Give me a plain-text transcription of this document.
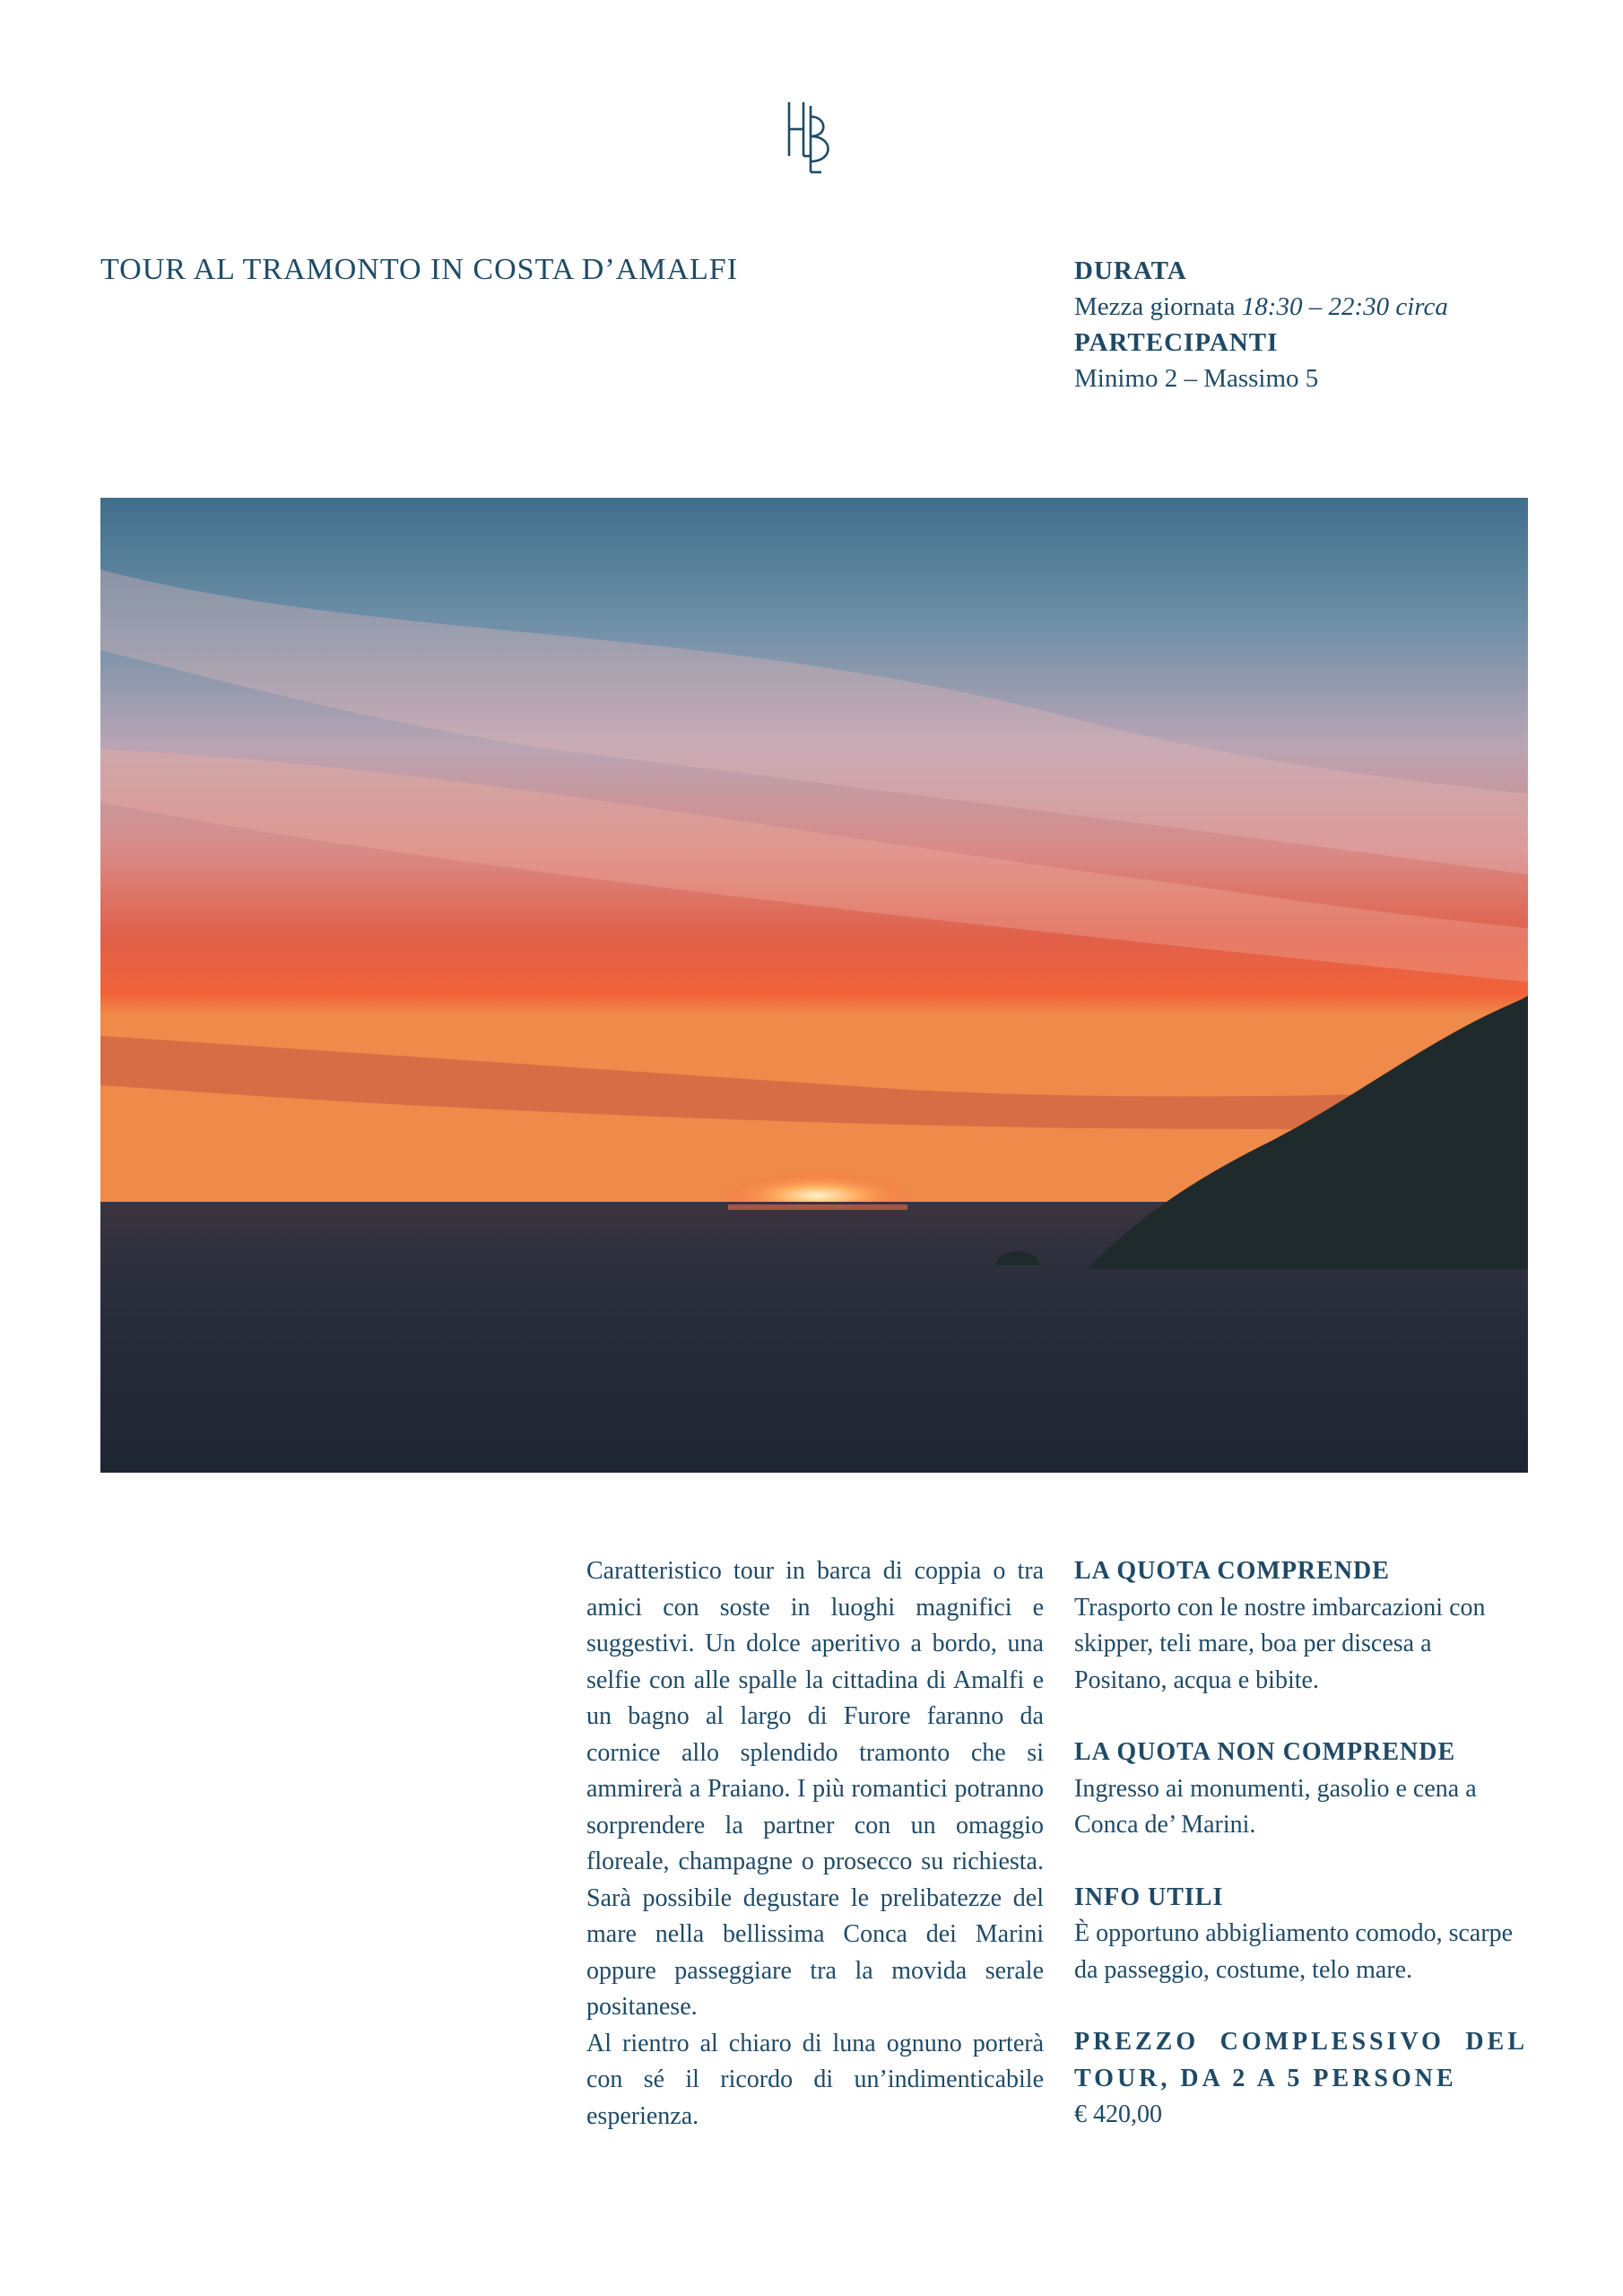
TOUR AL TRAMONTO IN COSTA D’AMALFI	DURATA
Mezza giornata 18:30 – 22:30 circa
PARTECIPANTI
Minimo 2 – Massimo 5

Caratteristico tour in barca di coppia o tra amici con soste in luoghi magnifici e suggestivi. Un dolce aperitivo a bordo, una selfie con alle spalle la cittadina di Amalfi e un bagno al largo di Furore faranno da cornice allo splendido tramonto che si ammirerà a Praiano. I più romantici potranno sorprendere la partner con un omaggio floreale, champagne o prosecco su richiesta. Sarà possibile degustare le prelibatezze del mare nella bellissima Conca dei Marini oppure passeggiare tra la movida serale positanese.

Al rientro al chiaro di luna ognuno porterà con sé il ricordo di un’indimenticabile esperienza.

LA QUOTA COMPRENDE
Trasporto con le nostre imbarcazioni con skipper, teli mare, boa per discesa a Positano, acqua e bibite.
LA QUOTA NON COMPRENDE
Ingresso ai monumenti, gasolio e cena a Conca de’ Marini.
INFO UTILI
È opportuno abbigliamento comodo, scarpe da passeggio, costume, telo mare.
PREZZO COMPLESSIVO DEL TOUR, DA 2 A 5 PERSONE
€ 420,00
